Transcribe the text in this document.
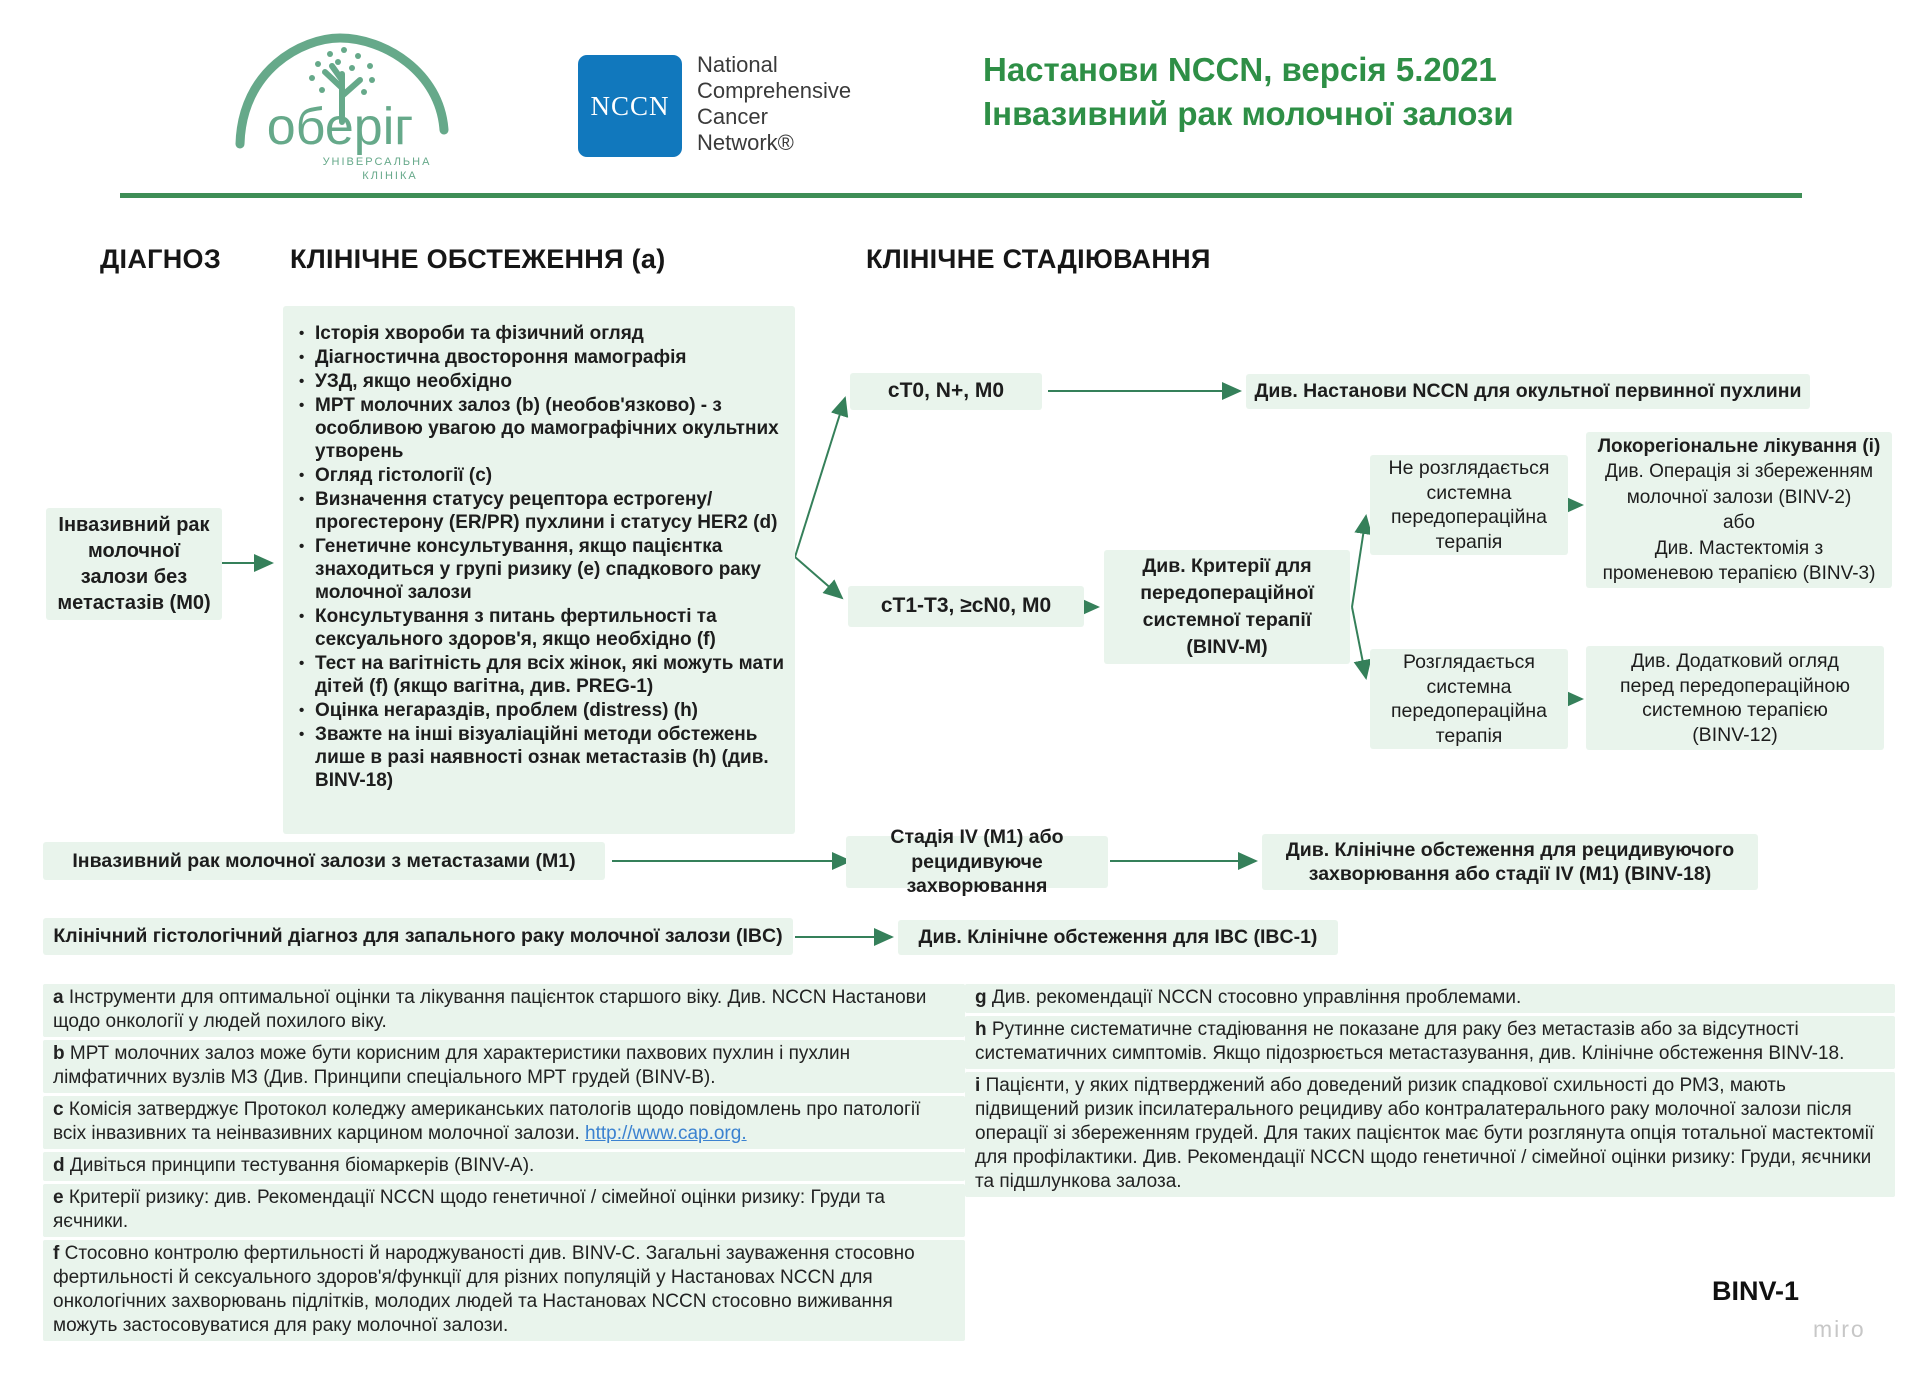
оберіг
УНІВЕРСАЛЬНА
КЛІНІКА
NCCN
National
Comprehensive
Cancer
Network®
Настанови NCCN, версія 5.2021
Інвазивний рак молочної залози
ДІАГНОЗ	КЛІНІЧНЕ ОБСТЕЖЕННЯ (a)	КЛІНІЧНЕ СТАДІЮВАННЯ
Інвазивний рак
молочної
залози без
метастазів (M0)
• Історія хвороби та фізичний огляд
• Діагностична двостороння мамографія
• УЗД, якщо необхідно
• МРТ молочних залоз (b) (необов'язково) - з особливою увагою до мамографічних окультних утворень
• Огляд гістології (c)
• Визначення статусу рецептора естрогену/ прогестерону (ER/PR) пухлини і статусу HER2 (d)
• Генетичне консультування, якщо пацієнтка знаходиться у групі ризику (e) спадкового раку молочної залози
• Консультування з питань фертильності та сексуального здоров'я, якщо необхідно (f)
• Тест на вагітність для всіх жінок, які можуть мати дітей (f) (якщо вагітна, див. PREG-1)
• Оцінка негараздів, проблем (distress) (h)
• Зважте на інші візуаліаційні методи обстежень лише в разі наявності ознак метастазів (h) (див. BINV-18)
cT0, N+, M0	Див. Настанови NCCN для окультної первинної пухлини
cT1-T3, ≥cN0, M0
Див. Критерії для
передопераційної
системної терапії
(BINV-M)
Не розглядається
системна
передопераційна
терапія
Локорегіональне лікування (і)
Див. Операція зі збереженням
молочної залози (BINV-2)
або
Див. Мастектомія з
променевою терапією (BINV-3)
Розглядається
системна
передопераційна
терапія
Див. Додатковий огляд
перед передопераційною
системною терапією
(BINV-12)
Інвазивний рак молочної залози з метастазами (M1)
Стадія IV (M1) або
рецидивуюче захворювання
Див. Клінічне обстеження для рецидивуючого
захворювання або стадії IV (M1) (BINV-18)
Клінічний гістологічний діагноз для запального раку молочної залози (IBC)	Див. Клінічне обстеження для IBC (IBC-1)

a Інструменти для оптимальної оцінки та лікування пацієнток старшого віку. Див. NCCN Настанови щодо онкології у людей похилого віку.

b МРТ молочних залоз може бути корисним для характеристики пахвових пухлин і пухлин лімфатичних вузлів МЗ (Див. Принципи спеціального МРТ грудей (BINV-B).

c Комісія затверджує Протокол коледжу американських патологів щодо повідомлень про патології всіх інвазивних та неінвазивних карцином молочної залози. http://www.cap.org.

d Дивіться принципи тестування біомаркерів (BINV-A).

e Критерії ризику: див. Рекомендації NCCN щодо генетичної / сімейної оцінки ризику: Груди та яєчники.

f Стосовно контролю фертильності й народжуваності див. BINV-C. Загальні зауваження стосовно фертильності й сексуального здоров'я/функції для різних популяцій у Настановах NCCN для онкологічних захворювань підлітків, молодих людей та Настановах NCCN стосовно виживання можуть застосовуватися для раку молочної залози.

g Див. рекомендації NCCN стосовно управління проблемами.

h Рутинне систематичне стадіювання не показане для раку без метастазів або за відсутності систематичних симптомів. Якщо підозрюється метастазування, див. Клінічне обстеження BINV-18.

i Пацієнти, у яких підтверджений або доведений ризик спадкової схильності до РМЗ, мають підвищений ризик іпсилатерального рецидиву або контралатерального раку молочної залози після операції зі збереженням грудей. Для таких пацієнток має бути розглянута опція тотальної мастектомії для профілактики. Див. Рекомендації NCCN щодо генетичної / сімейної оцінки ризику: Груди, яєчники та підшлункова залоза.

BINV-1
miro
